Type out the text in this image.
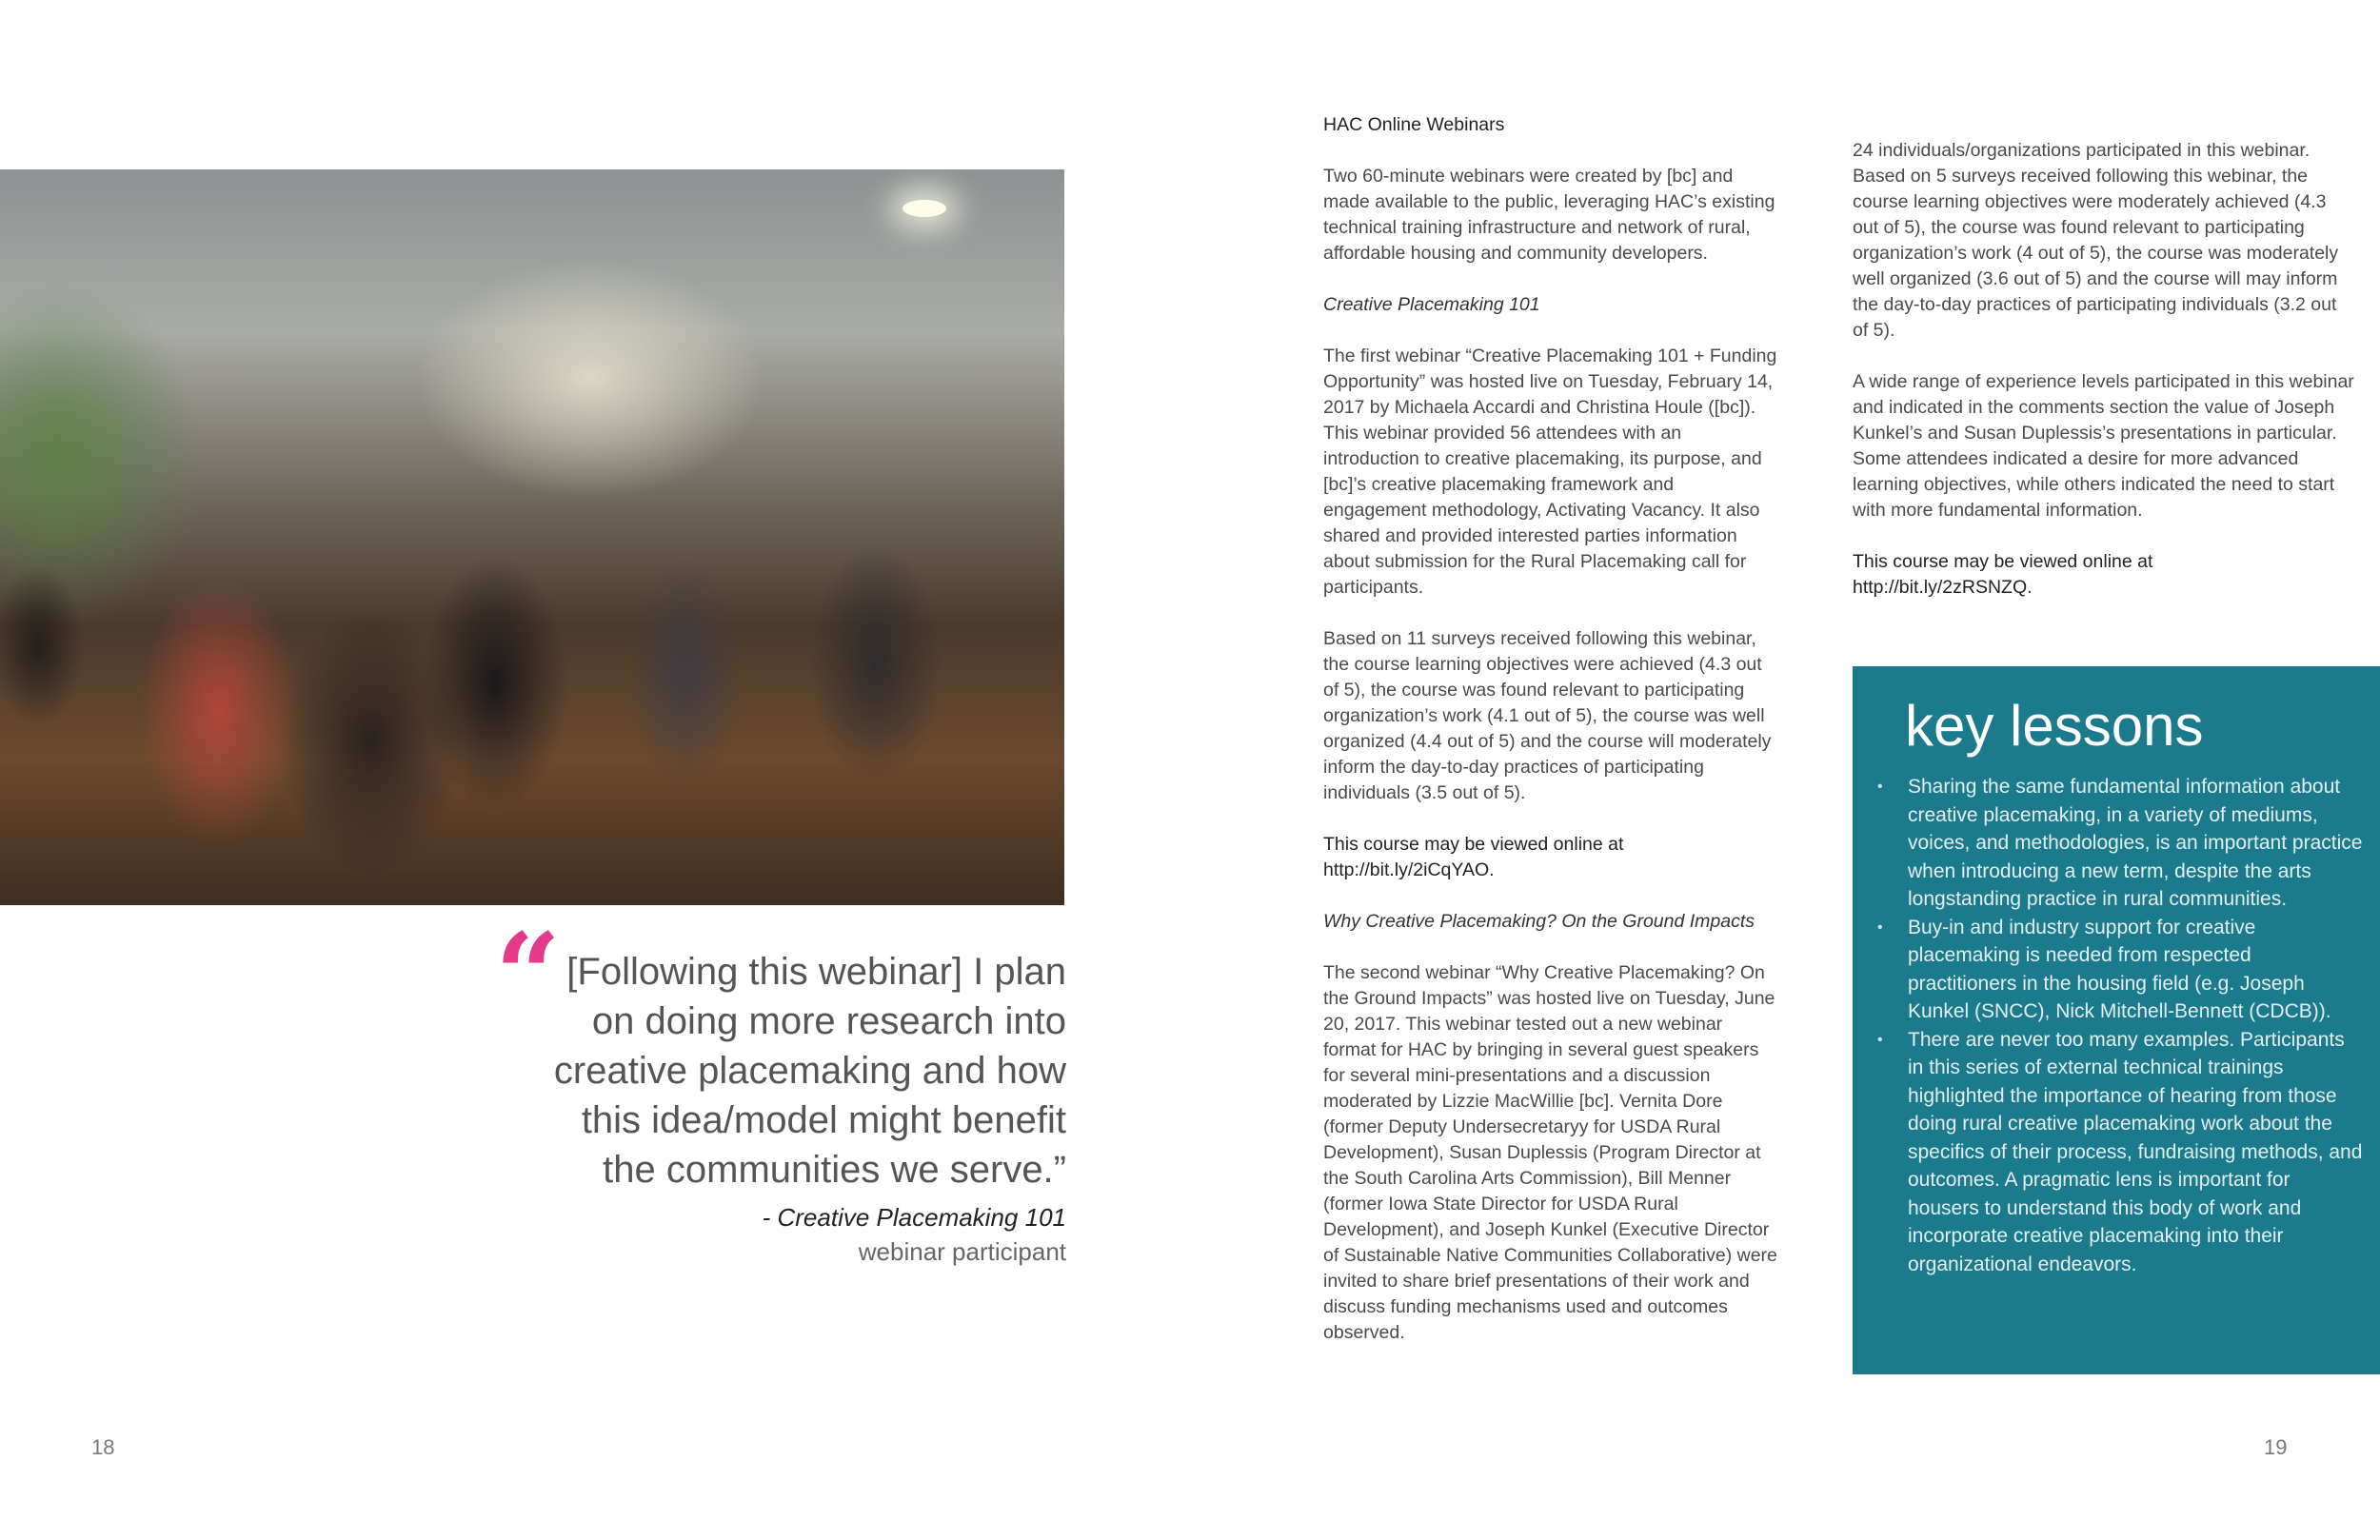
“ [Following this webinar] I plan on doing more research into creative placemaking and how this idea/model might benefit the communities we serve.”
- Creative Placemaking 101
webinar participant
18	19

HAC Online Webinars

Two 60-minute webinars were created by [bc] and made available to the public, leveraging HAC’s existing technical training infrastructure and network of rural, affordable housing and community developers.

Creative Placemaking 101

The first webinar “Creative Placemaking 101 + Funding Opportunity” was hosted live on Tuesday, February 14, 2017 by Michaela Accardi and Christina Houle ([bc]). This webinar provided 56 attendees with an introduction to creative placemaking, its purpose, and [bc]’s creative placemaking framework and engagement methodology, Activating Vacancy. It also shared and provided interested parties information about submission for the Rural Placemaking call for participants.

Based on 11 surveys received following this webinar, the course learning objectives were achieved (4.3 out of 5), the course was found relevant to participating organization’s work (4.1 out of 5), the course was well organized (4.4 out of 5) and the course will moderately inform the day-to-day practices of participating individuals (3.5 out of 5).

This course may be viewed online at
http://bit.ly/2iCqYAO.

Why Creative Placemaking? On the Ground Impacts

The second webinar “Why Creative Placemaking? On the Ground Impacts” was hosted live on Tuesday, June 20, 2017. This webinar tested out a new webinar format for HAC by bringing in several guest speakers for several mini-presentations and a discussion moderated by Lizzie MacWillie [bc]. Vernita Dore (former Deputy Undersecretaryy for USDA Rural Development), Susan Duplessis (Program Director at the South Carolina Arts Commission), Bill Menner (former Iowa State Director for USDA Rural Development), and Joseph Kunkel (Executive Director of Sustainable Native Communities Collaborative) were invited to share brief presentations of their work and discuss funding mechanisms used and outcomes observed.

24 individuals/organizations participated in this webinar. Based on 5 surveys received following this webinar, the course learning objectives were moderately achieved (4.3 out of 5), the course was found relevant to participating organization’s work (4 out of 5), the course was moderately well organized (3.6 out of 5) and the course will may inform the day-to-day practices of participating individuals (3.2 out of 5).

A wide range of experience levels participated in this webinar and indicated in the comments section the value of Joseph Kunkel’s and Susan Duplessis’s presentations in particular. Some attendees indicated a desire for more advanced learning objectives, while others indicated the need to start with more fundamental information.

This course may be viewed online at
http://bit.ly/2zRSNZQ.

key lessons
• Sharing the same fundamental information about creative placemaking, in a variety of mediums, voices, and methodologies, is an important practice when introducing a new term, despite the arts longstanding practice in rural communities.
• Buy-in and industry support for creative placemaking is needed from respected practitioners in the housing field (e.g. Joseph Kunkel (SNCC), Nick Mitchell-Bennett (CDCB)).
• There are never too many examples. Participants in this series of external technical trainings highlighted the importance of hearing from those doing rural creative placemaking work about the specifics of their process, fundraising methods, and outcomes. A pragmatic lens is important for housers to understand this body of work and incorporate creative placemaking into their organizational endeavors.
